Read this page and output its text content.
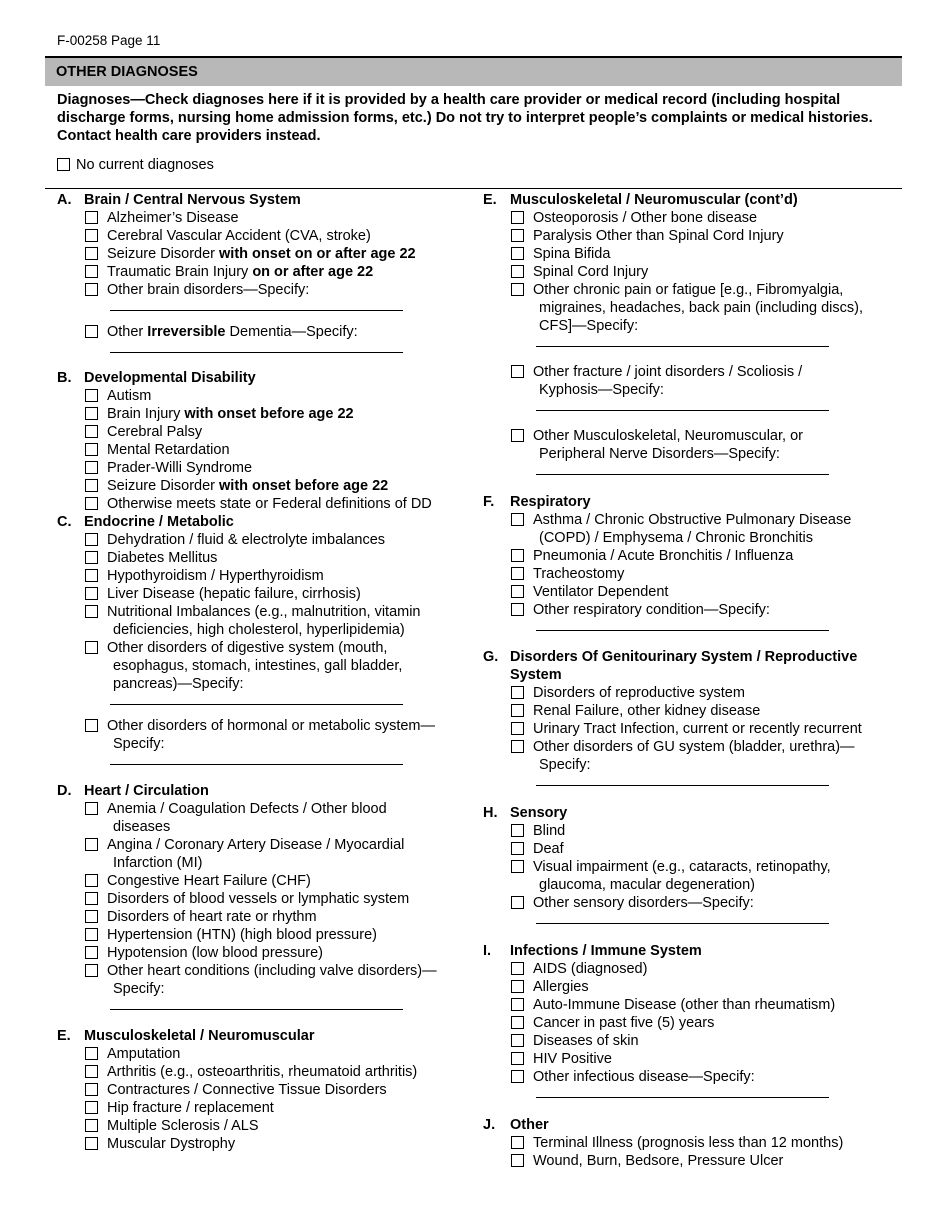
F-00258 Page 11
OTHER DIAGNOSES
Diagnoses—Check diagnoses here if it is provided by a health care provider or medical record (including hospital discharge forms, nursing home admission forms, etc.) Do not try to interpret people’s complaints or medical histories. Contact health care providers instead.
No current diagnoses
A. Brain / Central Nervous System
Alzheimer’s Disease
Cerebral Vascular Accident (CVA, stroke)
Seizure Disorder with onset on or after age 22
Traumatic Brain Injury on or after age 22
Other brain disorders—Specify:
Other Irreversible Dementia—Specify:
B. Developmental Disability
Autism
Brain Injury with onset before age 22
Cerebral Palsy
Mental Retardation
Prader-Willi Syndrome
Seizure Disorder with onset before age 22
Otherwise meets state or Federal definitions of DD
C. Endocrine / Metabolic
Dehydration / fluid & electrolyte imbalances
Diabetes Mellitus
Hypothyroidism / Hyperthyroidism
Liver Disease (hepatic failure, cirrhosis)
Nutritional Imbalances (e.g., malnutrition, vitamin
deficiencies, high cholesterol, hyperlipidemia)
Other disorders of digestive system (mouth,
esophagus, stomach, intestines, gall bladder,
pancreas)—Specify:
Other disorders of hormonal or metabolic system—
Specify:
D. Heart / Circulation
Anemia / Coagulation Defects / Other blood
diseases
Angina / Coronary Artery Disease / Myocardial
Infarction (MI)
Congestive Heart Failure (CHF)
Disorders of blood vessels or lymphatic system
Disorders of heart rate or rhythm
Hypertension (HTN) (high blood pressure)
Hypotension (low blood pressure)
Other heart conditions (including valve disorders)—
Specify:
E. Musculoskeletal / Neuromuscular
Amputation
Arthritis (e.g., osteoarthritis, rheumatoid arthritis)
Contractures / Connective Tissue Disorders
Hip fracture / replacement
Multiple Sclerosis / ALS
Muscular Dystrophy
E. Musculoskeletal / Neuromuscular (cont’d)
Osteoporosis / Other bone disease
Paralysis Other than Spinal Cord Injury
Spina Bifida
Spinal Cord Injury
Other chronic pain or fatigue [e.g., Fibromyalgia,
migraines, headaches, back pain (including discs),
CFS]—Specify:
Other fracture / joint disorders / Scoliosis /
Kyphosis—Specify:
Other Musculoskeletal, Neuromuscular, or
Peripheral Nerve Disorders—Specify:
F. Respiratory
Asthma / Chronic Obstructive Pulmonary Disease
(COPD) / Emphysema / Chronic Bronchitis
Pneumonia / Acute Bronchitis / Influenza
Tracheostomy
Ventilator Dependent
Other respiratory condition—Specify:
G. Disorders Of Genitourinary System / Reproductive
System
Disorders of reproductive system
Renal Failure, other kidney disease
Urinary Tract Infection, current or recently recurrent
Other disorders of GU system (bladder, urethra)—
Specify:
H. Sensory
Blind
Deaf
Visual impairment (e.g., cataracts, retinopathy,
glaucoma, macular degeneration)
Other sensory disorders—Specify:
I. Infections / Immune System
AIDS (diagnosed)
Allergies
Auto-Immune Disease (other than rheumatism)
Cancer in past five (5) years
Diseases of skin
HIV Positive
Other infectious disease—Specify:
J. Other
Terminal Illness (prognosis less than 12 months)
Wound, Burn, Bedsore, Pressure Ulcer
